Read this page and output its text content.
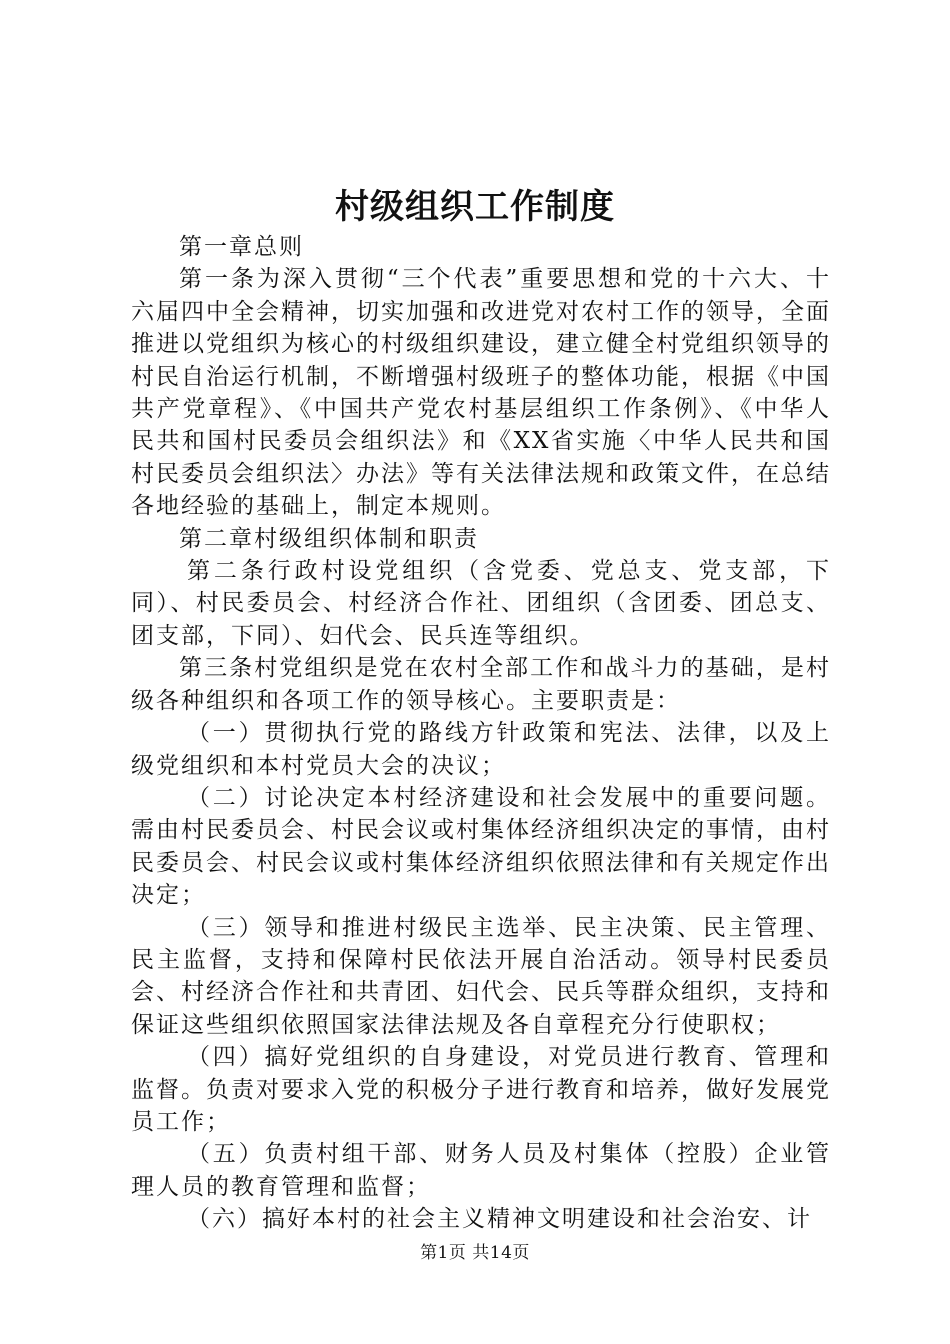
村级组织工作制度

第一章总则

第一条为深入贯彻“三个代表”重要思想和党的十六大、十六届四中全会精神，切实加强和改进党对农村工作的领导，全面推进以党组织为核心的村级组织建设，建立健全村党组织领导的村民自治运行机制，不断增强村级班子的整体功能，根据《中国共产党章程》、《中国共产党农村基层组织工作条例》、《中华人民共和国村民委员会组织法》和《XX省实施〈中华人民共和国村民委员会组织法〉办法》等有关法律法规和政策文件，在总结各地经验的基础上，制定本规则。

第二章村级组织体制和职责

第二条行政村设党组织（含党委、党总支、党支部，下同）、村民委员会、村经济合作社、团组织（含团委、团总支、团支部，下同）、妇代会、民兵连等组织。

第三条村党组织是党在农村全部工作和战斗力的基础，是村级各种组织和各项工作的领导核心。主要职责是：

（一）贯彻执行党的路线方针政策和宪法、法律，以及上级党组织和本村党员大会的决议；

（二）讨论决定本村经济建设和社会发展中的重要问题。需由村民委员会、村民会议或村集体经济组织决定的事情，由村民委员会、村民会议或村集体经济组织依照法律和有关规定作出决定；

（三）领导和推进村级民主选举、民主决策、民主管理、民主监督，支持和保障村民依法开展自治活动。领导村民委员会、村经济合作社和共青团、妇代会、民兵等群众组织，支持和保证这些组织依照国家法律法规及各自章程充分行使职权；

（四）搞好党组织的自身建设，对党员进行教育、管理和监督。负责对要求入党的积极分子进行教育和培养，做好发展党员工作；

（五）负责村组干部、财务人员及村集体（控股）企业管理人员的教育管理和监督；

（六）搞好本村的社会主义精神文明建设和社会治安、计

第1页 共14页
